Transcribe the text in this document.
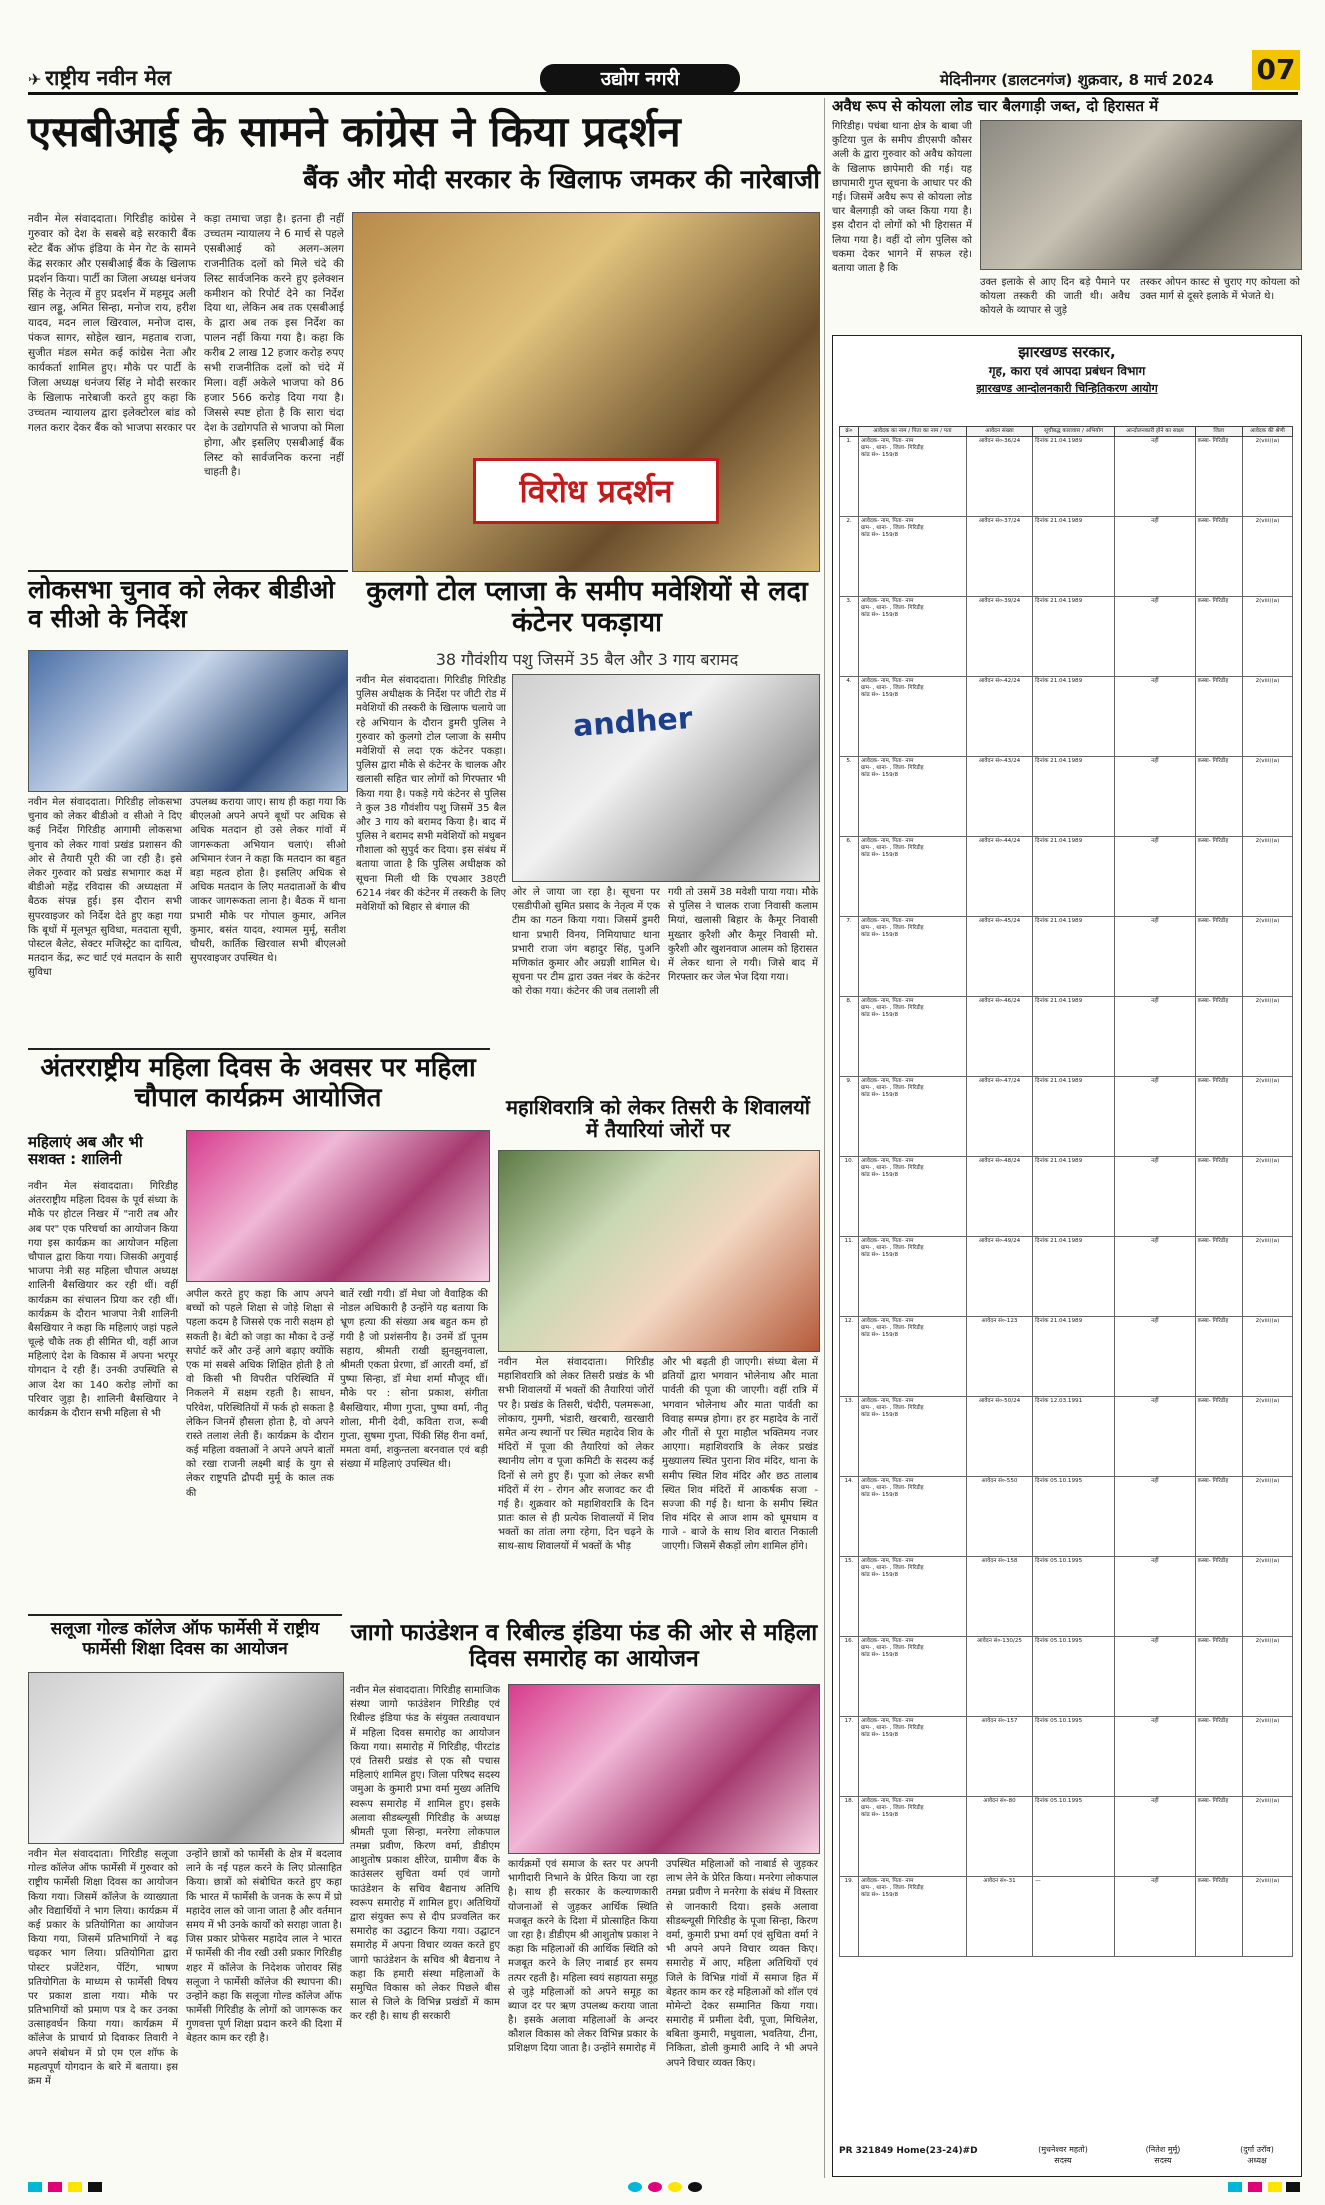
✈ राष्ट्रीय नवीन मेल	उद्योग नगरी	मेदिनीनगर (डालटनगंज) शुक्रवार, 8 मार्च 2024 07
एसबीआई के सामने कांग्रेस ने किया प्रदर्शन
बैंक और मोदी सरकार के खिलाफ जमकर की नारेबाजी
नवीन मेल संवाददाता। गिरिडीह कांग्रेस ने गुरुवार को देश के सबसे बड़े सरकारी बैंक स्टेट बैंक ऑफ इंडिया के मेन गेट के सामने केंद्र सरकार और एसबीआई बैंक के खिलाफ प्रदर्शन किया। पार्टी का जिला अध्यक्ष धनंजय सिंह के नेतृत्व में हुए प्रदर्शन में महमूद अली खान लड्डू, अमित सिन्हा, मनोज राय, हरीश यादव, मदन लाल खिरवाल, मनोज दास, पंकज सागर, सोहेल खान, महताब राजा, सुजीत मंडल समेत कई कांग्रेस नेता और कार्यकर्ता शामिल हुए। मौके पर पार्टी के जिला अध्यक्ष धनंजय सिंह ने मोदी सरकार के खिलाफ नारेबाजी करते हुए कहा कि उच्चतम न्यायालय द्वारा इलेक्टोरल बांड को गलत करार देकर बैंक को भाजपा सरकार पर
कड़ा तमाचा जड़ा है। इतना ही नहीं उच्चतम न्यायालय ने 6 मार्च से पहले एसबीआई को अलग-अलग राजनीतिक दलों को मिले चंदे की लिस्ट सार्वजनिक करने हुए इलेक्शन कमीशन को रिपोर्ट देने का निर्देश दिया था, लेकिन अब तक एसबीआई के द्वारा अब तक इस निर्देश का पालन नहीं किया गया है। कहा कि करीब 2 लाख 12 हजार करोड़ रुपए सभी राजनीतिक दलों को चंदे में मिला। वहीं अकेले भाजपा को 86 हजार 566 करोड़ दिया गया है। जिससे स्पष्ट होता है कि सारा चंदा देश के उद्योगपति से भाजपा को मिला होगा, और इसलिए एसबीआई बैंक लिस्ट को सार्वजनिक करना नहीं चाहती है।	विरोध प्रदर्शन
अवैध रूप से कोयला लोड चार बैलगाड़ी जब्त, दो हिरासत में
गिरिडीह। पचंबा थाना क्षेत्र के बाबा जी कुटिया पुल के समीप डीएसपी कौसर अली के द्वारा गुरुवार को अवैध कोयला के खिलाफ छापेमारी की गई। यह छापामारी गुप्त सूचना के आधार पर की गई। जिसमें अवैध रूप से कोयला लोड चार बैलगाड़ी को जब्त किया गया है। इस दौरान दो लोगों को भी हिरासत में लिया गया है। वहीं दो लोग पुलिस को चकमा देकर भागने में सफल रहे। बताया जाता है कि
उक्त इलाके से आए दिन बड़े पैमाने पर कोयला तस्करी की जाती थी। अवैध कोयले के व्यापार से जुड़े
तस्कर ओपन कास्ट से चुराए गए कोयला को उक्त मार्ग से दूसरे इलाके में भेजते थे।
लोकसभा चुनाव को लेकर बीडीओ व सीओ के निर्देश
नवीन मेल संवाददाता। गिरिडीह लोकसभा चुनाव को लेकर बीडीओ व सीओ ने दिए कई निर्देश गिरिडीह आगामी लोकसभा चुनाव को लेकर गावां प्रखंड प्रशासन की ओर से तैयारी पूरी की जा रही है। इसे लेकर गुरुवार को प्रखंड सभागार कक्ष में बीडीओ महेंद्र रविदास की अध्यक्षता में बैठक संपन्न हुई। इस दौरान सभी सुपरवाइजर को निर्देश देते हुए कहा गया कि बूथों में मूलभूत सुविधा, मतदाता सूची, पोस्टल बैलेट, सेक्टर मजिस्ट्रेट का दायित्व, मतदान केंद्र, रूट चार्ट एवं मतदान के सारी सुविधा
उपलब्ध कराया जाए। साथ ही कहा गया कि बीएलओ अपने अपने बूथों पर अधिक से अधिक मतदान हो उसे लेकर गांवों में जागरूकता अभियान चलाएं। सीओ अभिमान रंजन ने कहा कि मतदान का बहुत बड़ा महत्व होता है। इसलिए अधिक से अधिक मतदान के लिए मतदाताओं के बीच जाकर जागरूकता लाना है। बैठक में थाना प्रभारी मौके पर गोपाल कुमार, अनिल कुमार, बसंत यादव, श्यामल मुर्मू, सतीश चौधरी, कार्तिक खिरवाल सभी बीएलओ सुपरवाइजर उपस्थित थे।
कुलगो टोल प्लाजा के समीप मवेशियों से लदा कंटेनर पकड़ाया
38 गौवंशीय पशु जिसमें 35 बैल और 3 गाय बरामद
नवीन मेल संवाददाता। गिरिडीह गिरिडीह पुलिस अधीक्षक के निर्देश पर जीटी रोड में मवेशियों की तस्करी के खिलाफ चलाये जा रहे अभियान के दौरान डुमरी पुलिस ने गुरुवार को कुलगो टोल प्लाजा के समीप मवेशियों से लदा एक कंटेनर पकड़ा। पुलिस द्वारा मौके से कंटेनर के चालक और खलासी सहित चार लोगों को गिरफ्तार भी किया गया है। पकड़े गये कंटेनर से पुलिस ने कुल 38 गौवंशीय पशु जिसमें 35 बैल और 3 गाय को बरामद किया है। बाद में पुलिस ने बरामद सभी मवेशियों को मधुबन गौशाला को सुपुर्द कर दिया। इस संबंध में बताया जाता है कि पुलिस अधीक्षक को सूचना मिली थी कि एचआर 38एटी 6214 नंबर की कंटेनर में तस्करी के लिए मवेशियों को बिहार से बंगाल की
andher
ओर ले जाया जा रहा है। सूचना पर एसडीपीओ सुमित प्रसाद के नेतृत्व में एक टीम का गठन किया गया। जिसमें डुमरी थाना प्रभारी विनय, निमियाघाट थाना प्रभारी राजा जंग बहादुर सिंह, पुअनि मणिकांत कुमार और अग्रज्ञी शामिल थे। सूचना पर टीम द्वारा उक्त नंबर के कंटेनर को रोका गया। कंटेनर की जब तलाशी ली
गयी तो उसमें 38 मवेशी पाया गया। मौके से पुलिस ने चालक राजा निवासी कलाम मियां, खलासी बिहार के कैमूर निवासी मुख्तार कुरैशी और कैमूर निवासी मो. कुरैशी और खुशनवाज आलम को हिरासत में लेकर थाना ले गयी। जिसे बाद में गिरफ्तार कर जेल भेज दिया गया।
अंतरराष्ट्रीय महिला दिवस के अवसर पर महिला चौपाल कार्यक्रम आयोजित
महिलाएं अब और भी सशक्त : शालिनी
नवीन मेल संवाददाता। गिरिडीह अंतरराष्ट्रीय महिला दिवस के पूर्व संध्या के मौके पर होटल निखर में "नारी तब और अब पर" एक परिचर्चा का आयोजन किया गया इस कार्यक्रम का आयोजन महिला चौपाल द्वारा किया गया। जिसकी अगुवाई भाजपा नेत्री सह महिला चौपाल अध्यक्ष शालिनी बैसखियार कर रही थीं। वहीं कार्यक्रम का संचालन प्रिया कर रही थीं। कार्यक्रम के दौरान भाजपा नेत्री शालिनी बैसखियार ने कहा कि महिलाएं जहां पहले चूल्हे चौके तक ही सीमित थी, वहीं आज महिलाएं देश के विकास में अपना भरपूर योगदान दे रही हैं। उनकी उपस्थिति से आज देश का 140 करोड़ लोगों का परिवार जुड़ा है। शालिनी बैसखियार ने कार्यक्रम के दौरान सभी महिला से भी
अपील करते हुए कहा कि आप अपने बच्चों को पहले शिक्षा से जोड़े शिक्षा से पहला कदम है जिससे एक नारी सक्षम हो सकती है। बेटी को जड़ा का मौका दे उन्हें सपोर्ट करें और उन्हें आगे बढ़ाए क्योंकि एक मां सबसे अधिक शिक्षित होती है तो वो किसी भी विपरीत परिस्थिति में निकलने में सक्षम रहती है। साधन, परिवेश, परिस्थितियों में फर्क हो सकता है लेकिन जिनमें हौसला होता है, वो अपने रास्ते तलाश लेती हैं। कार्यक्रम के दौरान कई महिला वक्ताओं ने अपने अपने बातों को रखा राजनी लक्ष्मी बाई के युग से लेकर राष्ट्रपति द्रौपदी मुर्मू के काल तक की
बातें रखी गयी। डॉ मेधा जो वैवाहिक की नोडल अधिकारी है उन्होंने यह बताया कि भ्रूण हत्या की संख्या अब बहुत कम हो गयी है जो प्रशंसनीय है। उनमें डॉ पूनम सहाय, श्रीमती राखी झुनझुनवाला, श्रीमती एकता प्रेरणा, डॉ आरती वर्मा, डॉ पुष्पा सिन्हा, डॉ मेधा शर्मा मौजूद थीं। मौके पर : सोना प्रकाश, संगीता बैसखियार, मीणा गुप्ता, पुष्पा वर्मा, नीतू शोला, मीनी देवी, कविता राज, रूबी गुप्ता, सुषमा गुप्ता, पिंकी सिंह रीना वर्मा, ममता वर्मा, शकुन्तला बरनवाल एवं बड़ी संख्या में महिलाएं उपस्थित थी।
महाशिवरात्रि को लेकर तिसरी के शिवालयों में तैयारियां जोरों पर
नवीन मेल संवाददाता। गिरिडीह महाशिवरात्रि को लेकर तिसरी प्रखंड के भी सभी शिवालयों में भक्तों की तैयारियां जोरों पर है। प्रखंड के तिसरी, चंदौरी, पलमरूआ, लोकाय, गुमगी, भंडारी, खरबारी, खरखारी समेत अन्य स्थानों पर स्थित महादेव शिव के मंदिरों में पूजा की तैयारियां को लेकर स्थानीय लोग व पूजा कमिटी के सदस्य कई दिनों से लगे हुए हैं। पूजा को लेकर सभी मंदिरों में रंग - रोगन और सजावट कर दी गई है। शुक्रवार को महाशिवरात्रि के दिन प्रातः काल से ही प्रत्येक शिवालयों में शिव भक्तों का तांता लगा रहेगा, दिन चढ़ने के साथ-साथ शिवालयों में भक्तों के भीड़
और भी बढ़ती ही जाएगी। संध्या बेला में व्रतियों द्वारा भगवान भोलेनाथ और माता पार्वती की पूजा की जाएगी। वहीं रात्रि में भगवान भोलेनाथ और माता पार्वती का विवाह सम्पन्न होगा। हर हर महादेव के नारों और गीतों से पूरा माहौल भक्तिमय नजर आएगा। महाशिवरात्रि के लेकर प्रखंड मुख्यालय स्थित पुराना शिव मंदिर, थाना के समीप स्थित शिव मंदिर और छठ तालाब स्थित शिव मंदिरों में आकर्षक सजा - सज्जा की गई है। थाना के समीप स्थित शिव मंदिर से आज शाम को धूमधाम व गाजे - बाजे के साथ शिव बारात निकाली जाएगी। जिसमें सैकड़ों लोग शामिल होंगे।
सलूजा गोल्ड कॉलेज ऑफ फार्मेसी में राष्ट्रीय फार्मेसी शिक्षा दिवस का आयोजन
नवीन मेल संवाददाता। गिरिडीह सलूजा गोल्ड कॉलेज ऑफ फार्मेसी में गुरुवार को राष्ट्रीय फार्मेसी शिक्षा दिवस का आयोजन किया गया। जिसमें कॉलेज के व्याख्याता और विद्यार्थियों ने भाग लिया। कार्यक्रम में कई प्रकार के प्रतियोगिता का आयोजन किया गया, जिसमें प्रतिभागियों ने बढ़ चढ़कर भाग लिया। प्रतियोगिता द्वारा पोस्टर प्रजेंटेशन, पेंटिंग, भाषण प्रतियोगिता के माध्यम से फार्मेसी विषय पर प्रकाश डाला गया। मौके पर प्रतिभागियों को प्रमाण पत्र दे कर उनका उत्साहवर्धन किया गया। कार्यक्रम में कॉलेज के प्राचार्य प्रो दिवाकर तिवारी ने अपने संबोधन में प्रो एम एल शॉफ के महत्वपूर्ण योगदान के बारे में बताया। इस क्रम में
उन्होंने छात्रों को फार्मेसी के क्षेत्र में बदलाव लाने के नई पहल करने के लिए प्रोत्साहित किया। छात्रों को संबोधित करते हुए कहा कि भारत में फार्मेसी के जनक के रूप में प्रो महादेव लाल को जाना जाता है और वर्तमान समय में भी उनके कार्यों को सराहा जाता है। जिस प्रकार प्रोफेसर महादेव लाल ने भारत में फार्मेसी की नीव रखी उसी प्रकार गिरिडीह शहर में कॉलेज के निदेशक जोरावर सिंह सलूजा ने फार्मेसी कॉलेज की स्थापना की। उन्होंने कहा कि सलूजा गोल्ड कॉलेज ऑफ फार्मेसी गिरिडीह के लोगों को जागरूक कर गुणवत्ता पूर्ण शिक्षा प्रदान करने की दिशा में बेहतर काम कर रही है।
जागो फाउंडेशन व रिबील्ड इंडिया फंड की ओर से महिला दिवस समारोह का आयोजन
नवीन मेल संवाददाता। गिरिडीह सामाजिक संस्था जागो फाउंडेशन गिरिडीह एवं रिबील्ड इंडिया फंड के संयुक्त तत्वावधान में महिला दिवस समारोह का आयोजन किया गया। समारोह में गिरिडीह, पीरटांड एवं तिसरी प्रखंड से एक सौ पचास महिलाएं शामिल हुए। जिला परिषद सदस्य जमुआ के कुमारी प्रभा वर्मा मुख्य अतिथि स्वरूप समारोह में शामिल हुए। इसके अलावा सीडब्ल्यूसी गिरिडीह के अध्यक्ष श्रीमती पूजा सिन्हा, मनरेगा लोकपाल तमन्ना प्रवीण, किरण वर्मा, डीडीएम आशुतोष प्रकाश क्षीरेज, ग्रामीण बैंक के काउंसलर सुचिता वर्मा एवं जागो फाउंडेशन के सचिव बैद्यनाथ अतिथि स्वरूप समारोह में शामिल हुए। अतिथियों द्वारा संयुक्त रूप से दीप प्रज्वलित कर समारोह का उद्घाटन किया गया। उद्घाटन समारोह में अपना विचार व्यक्त करते हुए जागो फाउंडेशन के सचिव श्री बैद्यनाथ ने कहा कि हमारी संस्था महिलाओं के समुचित विकास को लेकर पिछले बीस साल से जिले के विभिन्न प्रखंडों में काम कर रही है। साथ ही सरकारी
कार्यक्रमों एवं समाज के स्तर पर अपनी भागीदारी निभाने के प्रेरित किया जा रहा है। साथ ही सरकार के कल्याणकारी योजनाओं से जुड़कर आर्थिक स्थिति मजबूत करने के दिशा में प्रोत्साहित किया जा रहा है। डीडीएम श्री आशुतोष प्रकाश ने कहा कि महिलाओं की आर्थिक स्थिति को मजबूत करने के लिए नाबार्ड हर समय तत्पर रहती है। महिला स्वयं सहायता समूह से जुड़े महिलाओं को अपने समूह का ब्याज दर पर ऋण उपलब्ध कराया जाता है। इसके अलावा महिलाओं के अन्दर कौशल विकास को लेकर विभिन्न प्रकार के प्रशिक्षण दिया जाता है। उन्होंने समारोह में
उपस्थित महिलाओं को नाबार्ड से जुड़कर लाभ लेने के प्रेरित किया। मनरेगा लोकपाल तमन्ना प्रवीण ने मनरेगा के संबंध में विस्तार से जानकारी दिया। इसके अलावा सीडब्ल्यूसी गिरिडीह के पूजा सिन्हा, किरण वर्मा, कुमारी प्रभा वर्मा एवं सुचिता वर्मा ने भी अपने अपने विचार व्यक्त किए। समारोह में आए, महिला अतिथियों एवं जिले के विभिन्न गांवों में समाज हित में बेहतर काम कर रहे महिलाओं को शॉल एवं मोमेन्टो देकर सम्मानित किया गया। समारोह में प्रमीला देवी, पूजा, मिथिलेश, बबिता कुमारी, मधुवाला, भवतिया, टीना, निकिता, डोली कुमारी आदि ने भी अपने अपने विचार व्यक्त किए।
झारखण्ड सरकार,
गृह, कारा एवं आपदा प्रबंधन विभाग
झारखण्ड आन्दोलनकारी चिन्हितिकरण आयोग
क्रं०	आवेदक का नाम / पिता का नाम / पता	आवेदन संख्या	सूचीबद्ध कारावास / अभियोग	आन्दोलनकारी होने का साक्ष्य	जिला	आवेदक की श्रेणी
1.	आवेदक- नाम, पिता- नाम
ग्राम- , थाना- , जिला- गिरिडीह
कांड सं०- 159/8	आवेदन सं०-36/24	दिनांक 21.04.1989	नहीं	कस्बा- गिरिडीह	2(viii)(a)
2.	आवेदक- नाम, पिता- नाम
ग्राम- , थाना- , जिला- गिरिडीह
कांड सं०- 159/8	आवेदन सं०-37/24	दिनांक 21.04.1989	नहीं	कस्बा- गिरिडीह	2(viii)(a)
3.	आवेदक- नाम, पिता- नाम
ग्राम- , थाना- , जिला- गिरिडीह
कांड सं०- 159/8	आवेदन सं०-39/24	दिनांक 21.04.1989	नहीं	कस्बा- गिरिडीह	2(viii)(a)
4.	आवेदक- नाम, पिता- नाम
ग्राम- , थाना- , जिला- गिरिडीह
कांड सं०- 159/8	आवेदन सं०-42/24	दिनांक 21.04.1989	नहीं	कस्बा- गिरिडीह	2(viii)(a)
5.	आवेदक- नाम, पिता- नाम
ग्राम- , थाना- , जिला- गिरिडीह
कांड सं०- 159/8	आवेदन सं०-43/24	दिनांक 21.04.1989	नहीं	कस्बा- गिरिडीह	2(viii)(a)
6.	आवेदक- नाम, पिता- नाम
ग्राम- , थाना- , जिला- गिरिडीह
कांड सं०- 159/8	आवेदन सं०-44/24	दिनांक 21.04.1989	नहीं	कस्बा- गिरिडीह	2(viii)(a)
7.	आवेदक- नाम, पिता- नाम
ग्राम- , थाना- , जिला- गिरिडीह
कांड सं०- 159/8	आवेदन सं०-45/24	दिनांक 21.04.1989	नहीं	कस्बा- गिरिडीह	2(viii)(a)
8.	आवेदक- नाम, पिता- नाम
ग्राम- , थाना- , जिला- गिरिडीह
कांड सं०- 159/8	आवेदन सं०-46/24	दिनांक 21.04.1989	नहीं	कस्बा- गिरिडीह	2(viii)(a)
9.	आवेदक- नाम, पिता- नाम
ग्राम- , थाना- , जिला- गिरिडीह
कांड सं०- 159/8	आवेदन सं०-47/24	दिनांक 21.04.1989	नहीं	कस्बा- गिरिडीह	2(viii)(a)
10.	आवेदक- नाम, पिता- नाम
ग्राम- , थाना- , जिला- गिरिडीह
कांड सं०- 159/8	आवेदन सं०-48/24	दिनांक 21.04.1989	नहीं	कस्बा- गिरिडीह	2(viii)(a)
11.	आवेदक- नाम, पिता- नाम
ग्राम- , थाना- , जिला- गिरिडीह
कांड सं०- 159/8	आवेदन सं०-49/24	दिनांक 21.04.1989	नहीं	कस्बा- गिरिडीह	2(viii)(a)
12.	आवेदक- नाम, पिता- नाम
ग्राम- , थाना- , जिला- गिरिडीह
कांड सं०- 159/8	आवेदन सं०-123	दिनांक 21.04.1989	नहीं	कस्बा- गिरिडीह	2(viii)(a)
13.	आवेदक- नाम, पिता- नाम
ग्राम- , थाना- , जिला- गिरिडीह
कांड सं०- 159/8	आवेदन सं०-50/24	दिनांक 12.03.1991	नहीं	कस्बा- गिरिडीह	2(viii)(a)
14.	आवेदक- नाम, पिता- नाम
ग्राम- , थाना- , जिला- गिरिडीह
कांड सं०- 159/8	आवेदन सं०-550	दिनांक 05.10.1995	नहीं	कस्बा- गिरिडीह	2(viii)(a)
15.	आवेदक- नाम, पिता- नाम
ग्राम- , थाना- , जिला- गिरिडीह
कांड सं०- 159/8	आवेदन सं०-158	दिनांक 05.10.1995	नहीं	कस्बा- गिरिडीह	2(viii)(a)
16.	आवेदक- नाम, पिता- नाम
ग्राम- , थाना- , जिला- गिरिडीह
कांड सं०- 159/8	आवेदन सं०-130/25	दिनांक 05.10.1995	नहीं	कस्बा- गिरिडीह	2(viii)(a)
17.	आवेदक- नाम, पिता- नाम
ग्राम- , थाना- , जिला- गिरिडीह
कांड सं०- 159/8	आवेदन सं०-157	दिनांक 05.10.1995	नहीं	कस्बा- गिरिडीह	2(viii)(a)
18.	आवेदक- नाम, पिता- नाम
ग्राम- , थाना- , जिला- गिरिडीह
कांड सं०- 159/8	आवेदन सं०-80	दिनांक 05.10.1995	नहीं	कस्बा- गिरिडीह	2(viii)(a)
19.	आवेदक- नाम, पिता- नाम
ग्राम- , थाना- , जिला- गिरिडीह
कांड सं०- 159/8	आवेदन सं०-31	—	नहीं	कस्बा- गिरिडीह	2(viii)(a)
PR 321849 Home(23-24)#D	(मुधनेश्वर महतो)
सदस्य
(नितेश मुर्मू)
सदस्य
(दुर्गा उरॉव)
अध्यक्ष
